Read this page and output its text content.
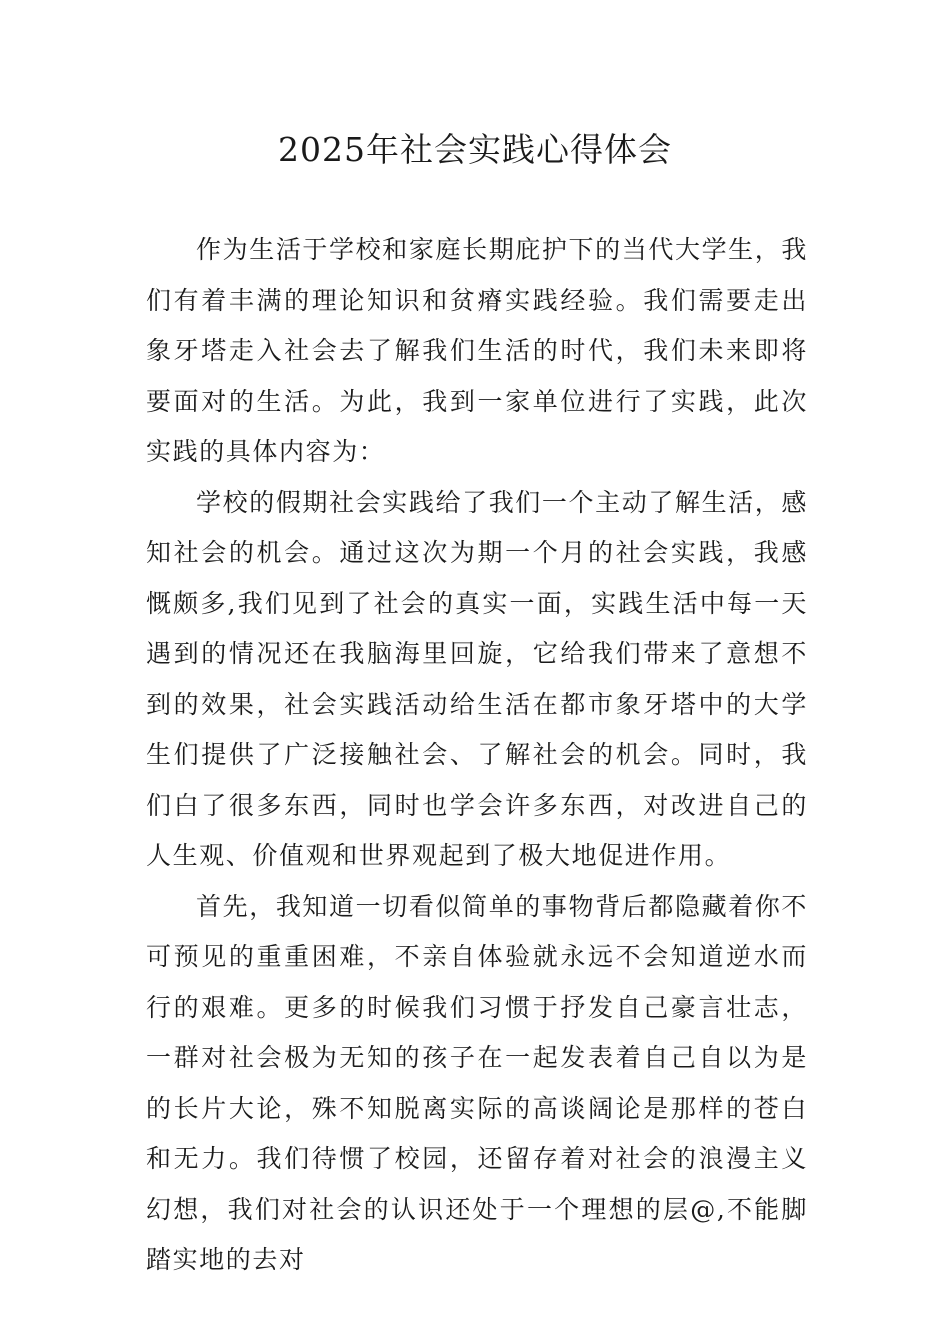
2025年社会实践心得体会

作为生活于学校和家庭长期庇护下的当代大学生，我们有着丰满的理论知识和贫瘠实践经验。我们需要走出象牙塔走入社会去了解我们生活的时代，我们未来即将要面对的生活。为此，我到一家单位进行了实践，此次实践的具体内容为：

学校的假期社会实践给了我们一个主动了解生活，感知社会的机会。通过这次为期一个月的社会实践，我感慨颇多,我们见到了社会的真实一面，实践生活中每一天遇到的情况还在我脑海里回旋，它给我们带来了意想不到的效果，社会实践活动给生活在都市象牙塔中的大学生们提供了广泛接触社会、了解社会的机会。同时，我们白了很多东西，同时也学会许多东西，对改进自己的人生观、价值观和世界观起到了极大地促进作用。

首先，我知道一切看似简单的事物背后都隐藏着你不可预见的重重困难，不亲自体验就永远不会知道逆水而行的艰难。更多的时候我们习惯于抒发自己豪言壮志，一群对社会极为无知的孩子在一起发表着自己自以为是的长片大论，殊不知脱离实际的高谈阔论是那样的苍白和无力。我们待惯了校园，还留存着对社会的浪漫主义幻想，我们对社会的认识还处于一个理想的层@,不能脚踏实地的去对
